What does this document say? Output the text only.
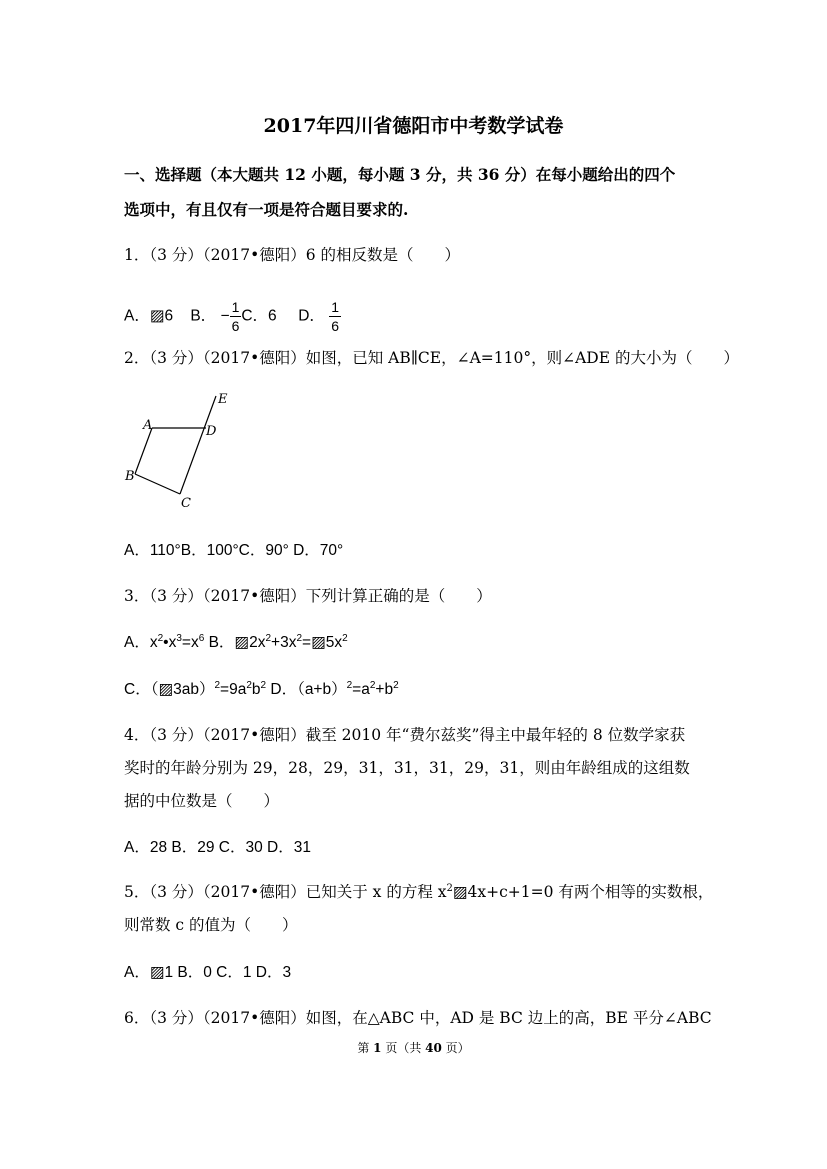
2017年四川省德阳市中考数学试卷
一、选择题（本大题共 12 小题，每小题 3 分，共 36 分）在每小题给出的四个
选项中，有且仅有一项是符合题目要求的.
1．（3 分）（2017•德阳）6 的相反数是（　　）
A．▨6 B． − $\frac{1}{6}$ C．6 D． $\frac{1}{6}$
2．（3 分）（2017•德阳）如图，已知 AB∥CE，∠A=110°，则∠ADE 的大小为（　　）
A
B
C
D
E
A．110°B．100°C．90° D．70°
3．（3 分）（2017•德阳）下列计算正确的是（　　）
A．$x^2•x^3=x^6$ B．$▨2x^2+3x^2=▨5x^2$
C．$(▨3ab)^2=9a^2b^2$ D．$(a+b)^2=a^2+b^2$
4．（3 分）（2017•德阳）截至 2010 年“费尔兹奖”得主中最年轻的 8 位数学家获
奖时的年龄分别为 29，28，29，31，31，31，29，31，则由年龄组成的这组数
据的中位数是（　　）
A．28 B．29 C．30 D．31
5．（3 分）（2017•德阳）已知关于 x 的方程 $x^2▨4x+c+1=0$ 有两个相等的实数根，
则常数 c 的值为（　　）
A．▨1 B．0 C．1 D．3
6．（3 分）（2017•德阳）如图，在△ABC 中，AD 是 BC 边上的高，BE 平分∠ABC
第 1 页（共 40 页）
